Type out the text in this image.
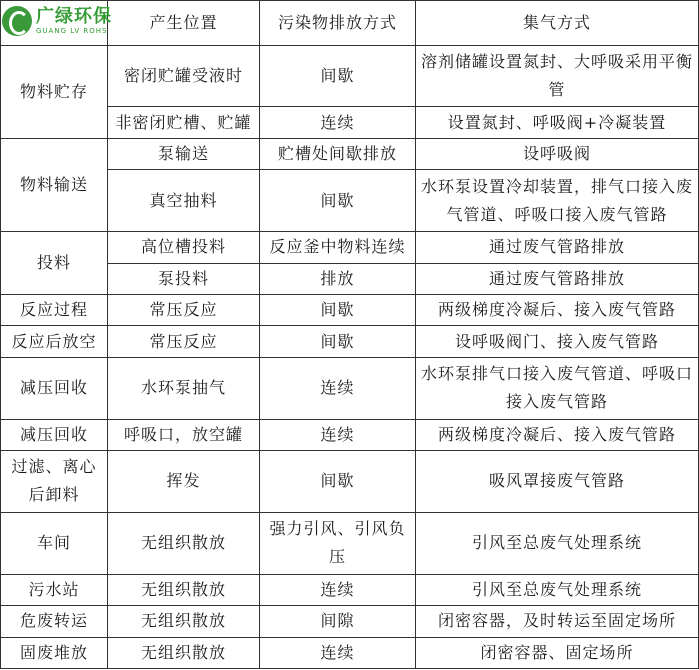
	产生位置	污染物排放方式	集气方式
物料贮存	密闭贮罐受液时	间歇	溶剂储罐设置氮封、大呼吸采用平衡管
	非密闭贮槽、贮罐	连续	设置氮封、呼吸阀+冷凝装置
物料输送	泵输送	贮槽处间歇排放	设呼吸阀
	真空抽料	间歇	水环泵设置冷却装置，排气口接入废气管道、呼吸口接入废气管路
投料	高位槽投料	反应釜中物料连续	通过废气管路排放
	泵投料	排放	通过废气管路排放
反应过程	常压反应	间歇	两级梯度冷凝后、接入废气管路
反应后放空	常压反应	间歇	设呼吸阀门、接入废气管路
减压回收	水环泵抽气	连续	水环泵排气口接入废气管道、呼吸口接入废气管路
减压回收	呼吸口，放空罐	连续	两级梯度冷凝后、接入废气管路
过滤、离心后卸料	挥发	间歇	吸风罩接废气管路
车间	无组织散放	强力引风、引风负压	引风至总废气处理系统
污水站	无组织散放	连续	引风至总废气处理系统
危废转运	无组织散放	间隙	闭密容器，及时转运至固定场所
固废堆放	无组织散放	连续	闭密容器、固定场所
广绿环保
GUANG LV ROHS
